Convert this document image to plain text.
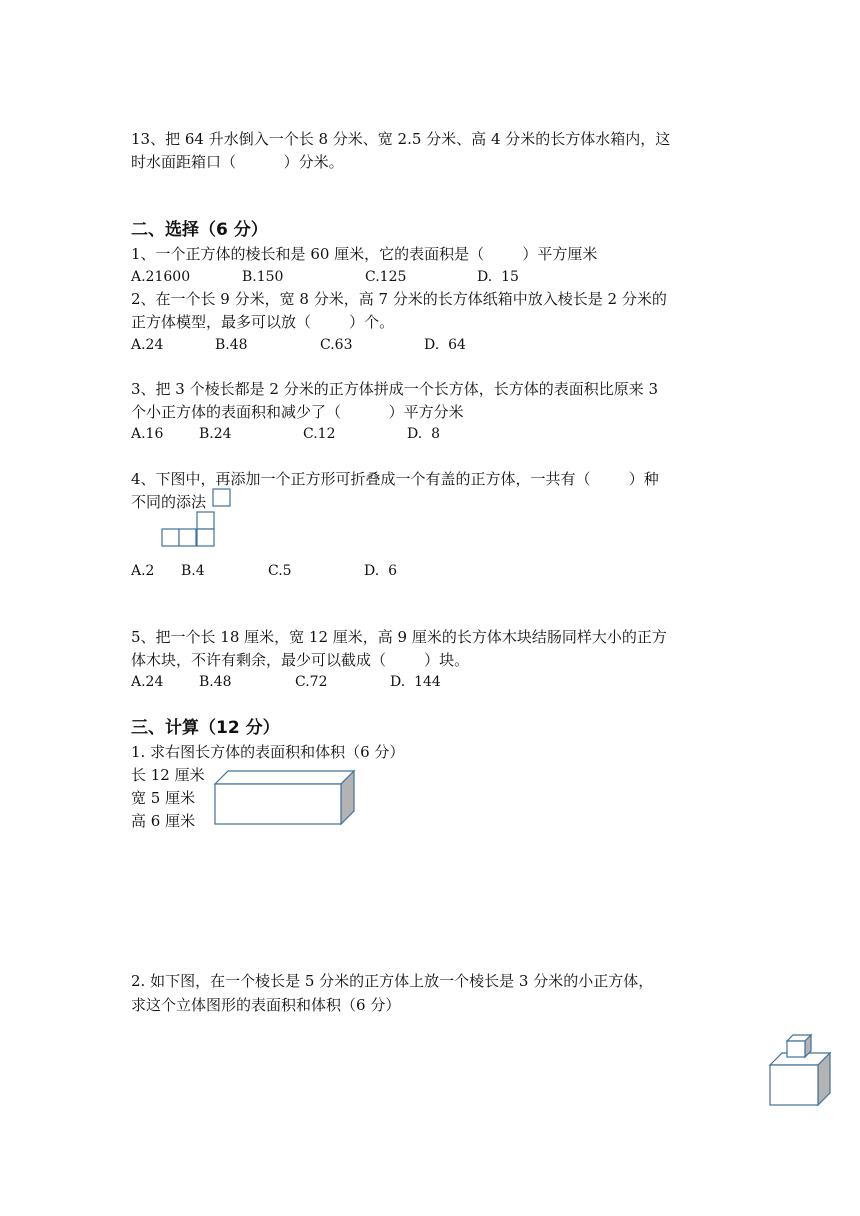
13、把 64 升水倒入一个长 8 分米、宽 2.5 分米、高 4 分米的长方体水箱内，这
时水面距箱口（          ）分米。
二、选择（6 分）
1、一个正方体的棱长和是 60 厘米，它的表面积是（        ）平方厘米

A.21600

	B.150

	C.125

	D.  15

2、在一个长 9 分米，宽 8 分米，高 7 分米的长方体纸箱中放入棱长是 2 分米的
正方体模型，最多可以放（        ）个。

A.24

	B.48

	C.63

	D.  64

3、把 3 个棱长都是 2 分米的正方体拼成一个长方体，长方体的表面积比原来 3
个小正方体的表面积和减少了（          ）平方分米

A.16

	B.24

	C.12

	D.  8

4、下图中，再添加一个正方形可折叠成一个有盖的正方体，一共有（        ）种
不同的添法

A.2

B.4

	C.5

	D.  6

5、把一个长 18 厘米，宽 12 厘米，高 9 厘米的长方体木块结肠同样大小的正方
体木块，不许有剩余，最少可以截成（        ）块。

A.24

	B.48

	C.72

	D.  144

三、计算（12 分）
1. 求右图长方体的表面积和体积（6 分）
长 12 厘米
宽 5 厘米
高 6 厘米
2. 如下图，在一个棱长是 5 分米的正方体上放一个棱长是 3 分米的小正方体，
求这个立体图形的表面积和体积（6 分）
